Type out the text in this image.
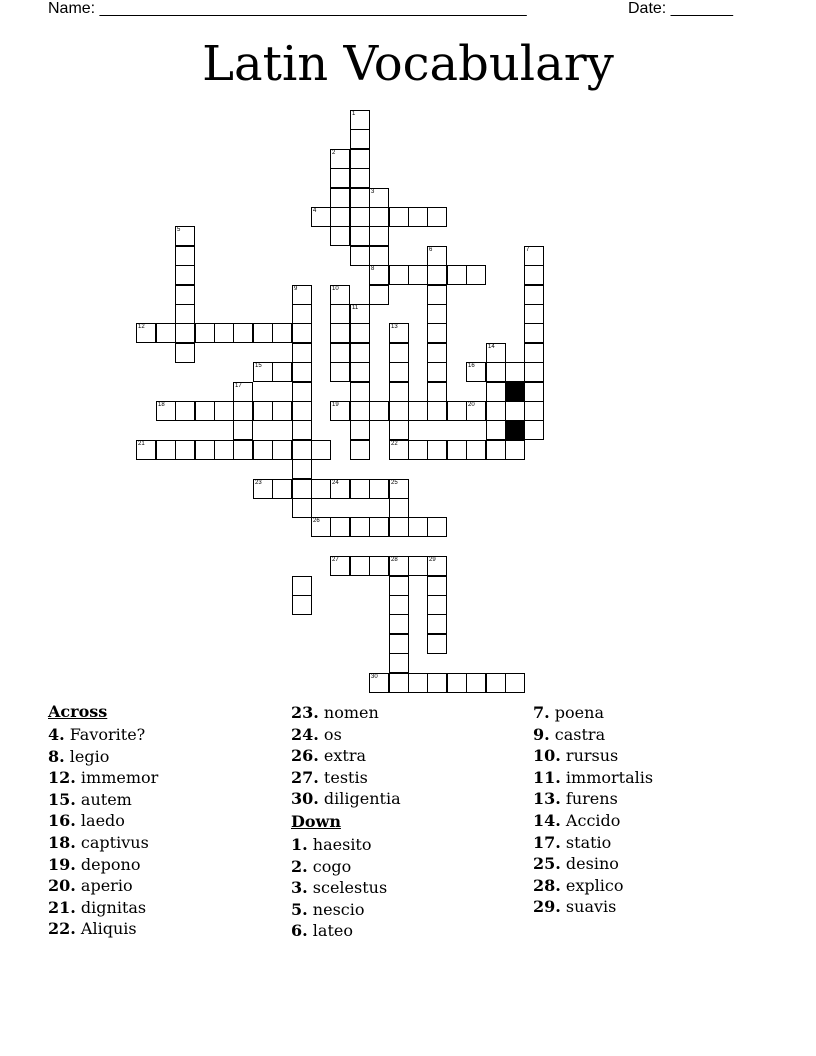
Name: ________________________________________________	Date: _______
Latin Vocabulary
1
2
3
8
4
5
6	7
9	10
11
12	13
14
15	16
17
18	19	20
21	22
23	24	25
26
27	28	29
30
Across
4. Favorite?
8. legio
12. immemor
15. autem
16. laedo
18. captivus
19. depono
20. aperio
21. dignitas
22. Aliquis
23. nomen
24. os
26. extra
27. testis
30. diligentia
Down
1. haesito
2. cogo
3. scelestus
5. nescio
6. lateo
7. poena
9. castra
10. rursus
11. immortalis
13. furens
14. Accido
17. statio
25. desino
28. explico
29. suavis
